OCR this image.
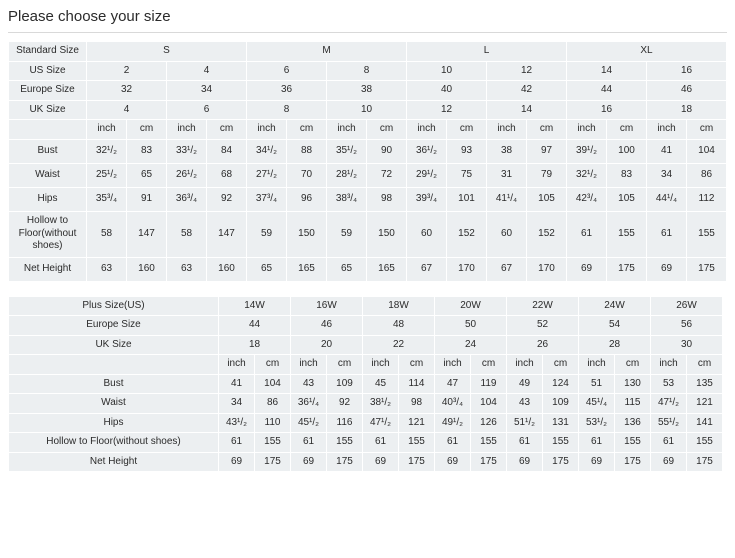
Please choose your size
Standard Size	S				M				L				XL			
US Size	2		4		6		8		10		12		14		16	
Europe Size	32		34		36		38		40		42		44		46	
UK Size	4		6		8		10		12		14		16		18	
	inch	cm	inch	cm	inch	cm	inch	cm	inch	cm	inch	cm	inch	cm	inch	cm
Bust	32¹/₂	83	33¹/₂	84	34¹/₂	88	35¹/₂	90	36¹/₂	93	38	97	39¹/₂	100	41	104
Waist	25¹/₂	65	26¹/₂	68	27¹/₂	70	28¹/₂	72	29¹/₂	75	31	79	32¹/₂	83	34	86
Hips	35³/₄	91	36³/₄	92	37³/₄	96	38³/₄	98	39³/₄	101	41¹/₄	105	42³/₄	105	44¹/₄	112
Hollow to Floor(without shoes)	58	147	58	147	59	150	59	150	60	152	60	152	61	155	61	155
Net Height	63	160	63	160	65	165	65	165	67	170	67	170	69	175	69	175
Plus Size(US)	14W		16W		18W		20W		22W		24W		26W	
Europe Size	44		46		48		50		52		54		56	
UK Size	18		20		22		24		26		28		30	
	inch	cm	inch	cm	inch	cm	inch	cm	inch	cm	inch	cm	inch	cm
Bust	41	104	43	109	45	114	47	119	49	124	51	130	53	135
Waist	34	86	36¹/₄	92	38¹/₂	98	40³/₄	104	43	109	45¹/₄	115	47¹/₂	121
Hips	43¹/₂	110	45¹/₂	116	47¹/₂	121	49¹/₂	126	51¹/₂	131	53¹/₂	136	55¹/₂	141
Hollow to Floor(without shoes)	61	155	61	155	61	155	61	155	61	155	61	155	61	155
Net Height	69	175	69	175	69	175	69	175	69	175	69	175	69	175
